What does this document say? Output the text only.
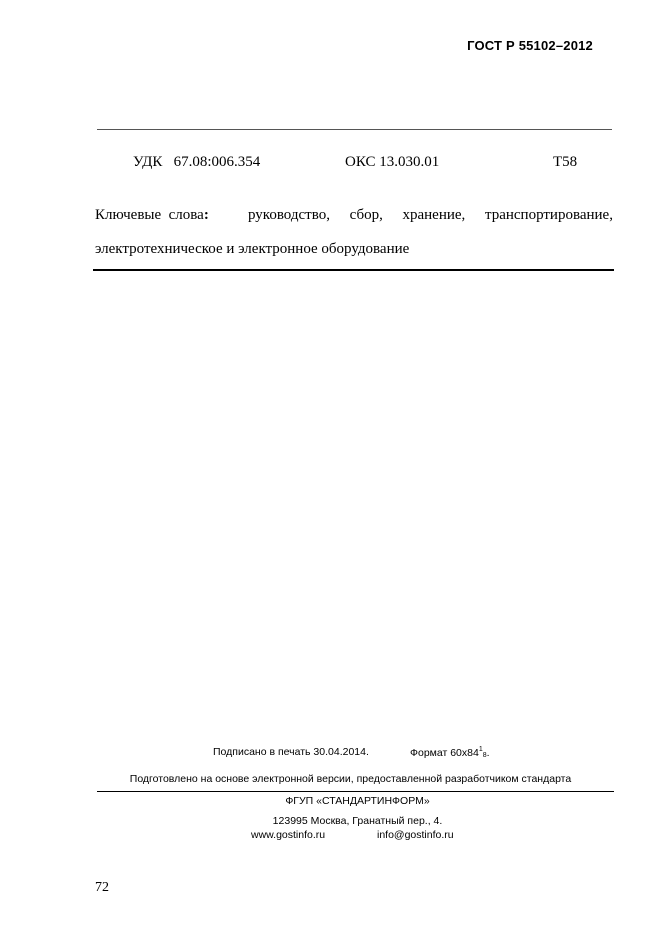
ГОСТ Р 55102–2012
УДК   67.08:006.354	ОКС 13.030.01	Т58
Ключевые  слова :	руководство, сбор, хранение, транспортирование,
электротехническое и электронное оборудование
Подписано в печать 30.04.2014.	Формат $60x84^1_8$.
Подготовлено на основе электронной версии, предоставленной разработчиком стандарта
ФГУП «СТАНДАРТИНФОРМ»
123995 Москва, Гранатный пер., 4.
www.gostinfo.ru	info@gostinfo.ru
72
